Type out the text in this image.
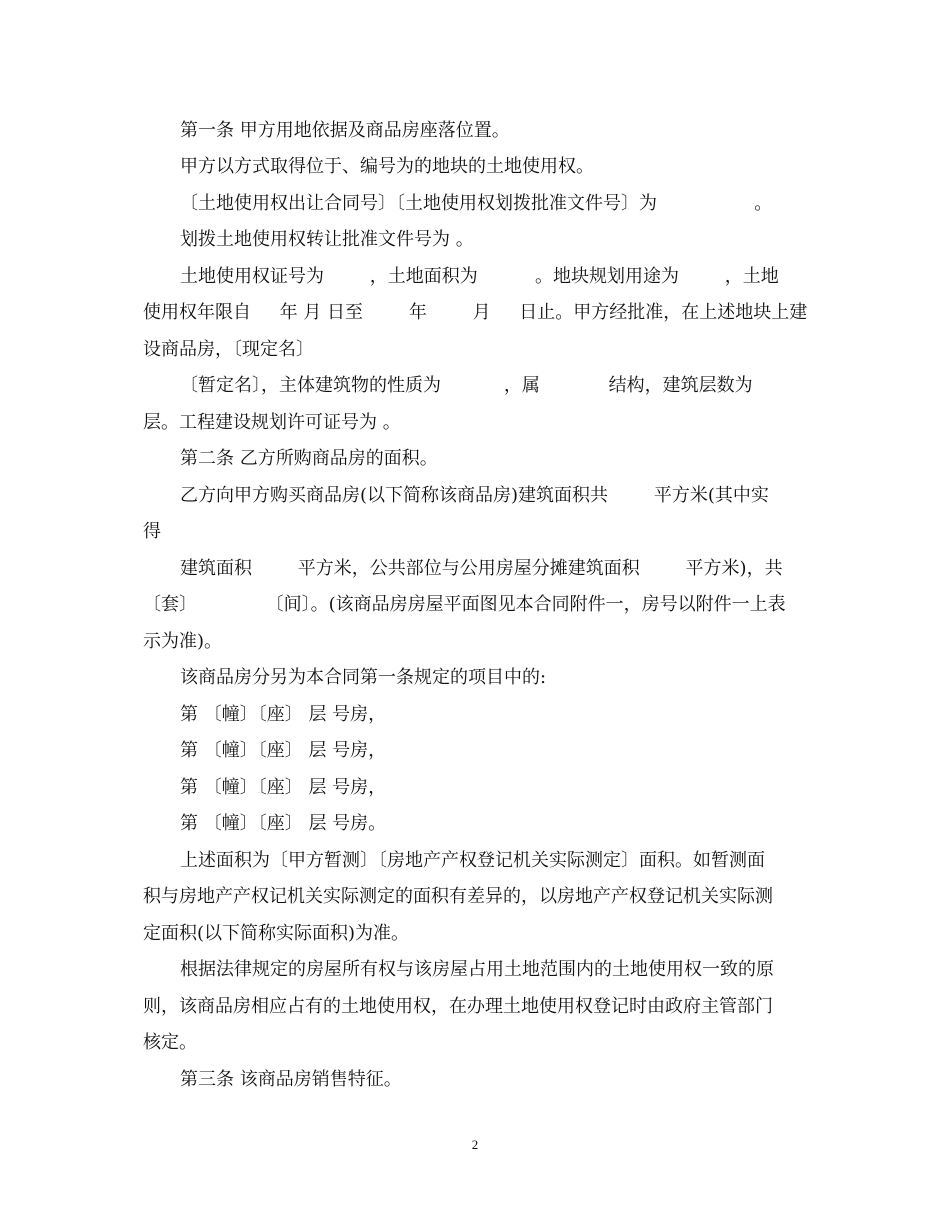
第一条 甲方用地依据及商品房座落位置。
甲方以方式取得位于、编号为的地块的土地使用权。
〔土地使用权出让合同号〕〔土地使用权划拨批准文件号〕为                 。
划拨土地使用权转让批准文件号为 。
土地使用权证号为        ，土地面积为          。地块规划用途为        ，土地
使用权年限自     年 月 日至        年        月     日止。甲方经批准，在上述地块上建
设商品房，〔现定名〕
〔暂定名〕，主体建筑物的性质为           ，属            结构，建筑层数为
层。工程建设规划许可证号为 。
第二条 乙方所购商品房的面积。
乙方向甲方购买商品房(以下简称该商品房)建筑面积共        平方米(其中实
得
建筑面积        平方米，公共部位与公用房屋分摊建筑面积        平方米)，共
〔套〕            〔间〕。(该商品房房屋平面图见本合同附件一，房号以附件一上表
示为准)。
该商品房分另为本合同第一条规定的项目中的:
第 〔幢〕〔座〕 层 号房，
第 〔幢〕〔座〕 层 号房，
第 〔幢〕〔座〕 层 号房，
第 〔幢〕〔座〕 层 号房。
上述面积为〔甲方暂测〕〔房地产产权登记机关实际测定〕面积。如暂测面
积与房地产产权记机关实际测定的面积有差异的，以房地产产权登记机关实际测
定面积(以下简称实际面积)为准。
根据法律规定的房屋所有权与该房屋占用土地范围内的土地使用权一致的原
则，该商品房相应占有的土地使用权，在办理土地使用权登记时由政府主管部门
核定。
第三条 该商品房销售特征。
2
